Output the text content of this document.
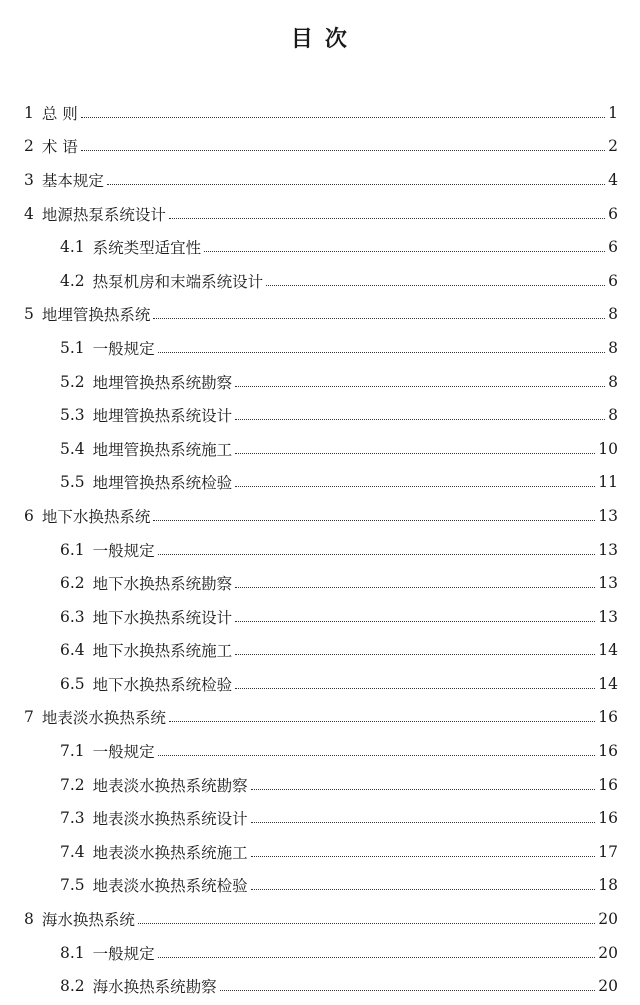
目 次
1 总 则	1
2 术 语	2
3 基本规定	4
4 地源热泵系统设计	6
4.1 系统类型适宜性	6
4.2 热泵机房和末端系统设计	6
5 地埋管换热系统	8
5.1 一般规定	8
5.2 地埋管换热系统勘察	8
5.3 地埋管换热系统设计	8
5.4 地埋管换热系统施工	10
5.5 地埋管换热系统检验	11
6 地下水换热系统	13
6.1 一般规定	13
6.2 地下水换热系统勘察	13
6.3 地下水换热系统设计	13
6.4 地下水换热系统施工	14
6.5 地下水换热系统检验	14
7 地表淡水换热系统	16
7.1 一般规定	16
7.2 地表淡水换热系统勘察	16
7.3 地表淡水换热系统设计	16
7.4 地表淡水换热系统施工	17
7.5 地表淡水换热系统检验	18
8 海水换热系统	20
8.1 一般规定	20
8.2 海水换热系统勘察	20
